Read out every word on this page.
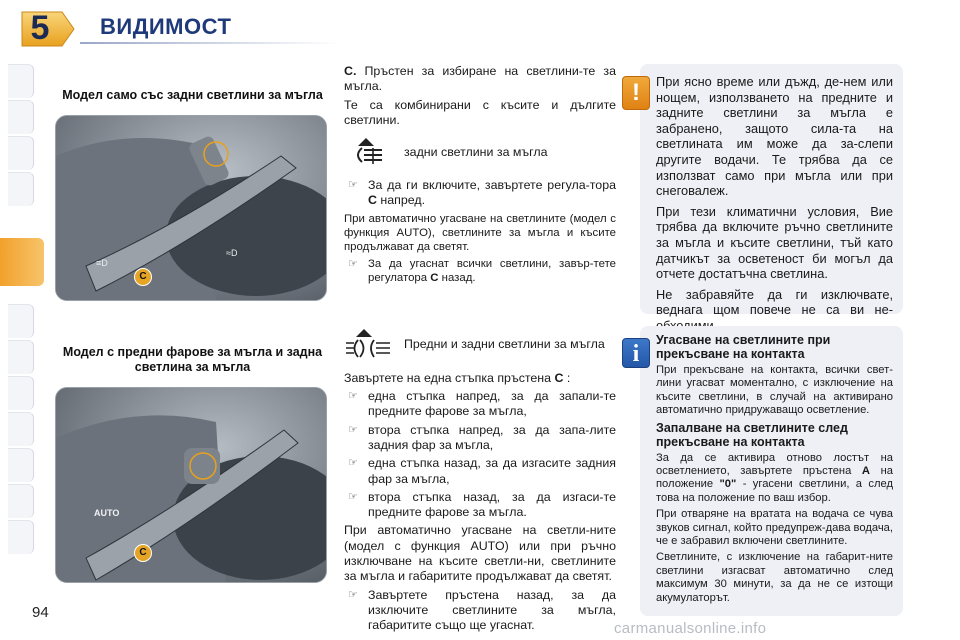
5	ВИДИМОСТ
Модел само със задни светлини за мъгла
≡D
≈D
C
Модел с предни фарове за мъгла и задна светлина за мъгла
AUTO
C

C. Пръстен за избиране на светлини-те за мъгла.

Те са комбинирани с късите и дългите светлини.

задни светлини за мъгла
☞ За да ги включите, завъртете регула-тора C напред.

При автоматично угасване на светлините (модел с функция AUTO), светлините за мъгла и късите продължават да светят.

☞ За да угаснат всички светлини, завър-тете регулатора C назад.
Предни и задни светлини за мъгла

Завъртете на една стъпка пръстена C :

☞ една стъпка напред, за да запали-те предните фарове за мъгла,
☞ втора стъпка напред, за да запа-лите задния фар за мъгла,
☞ една стъпка назад, за да изгасите задния фар за мъгла,
☞ втора стъпка назад, за да изгаси-те предните фарове за мъгла.

При автоматично угасване на светли-ните (модел с функция AUTO) или при ръчно изключване на късите светли-ни, светлините за мъгла и габаритите продължават да светят.

☞ Завъртете пръстена назад, за да изключите светлините за мъгла, габаритите също ще угаснат.

При ясно време или дъжд, де-нем или нощем, използването на предните и задните светлини за мъгла е забранено, защото сила-та на светлината им може да за-слепи другите водачи. Те трябва да се използват само при мъгла или при снеговалеж.

При тези климатични условия, Вие трябва да включите ръчно светлините за мъгла и късите светлини, тъй като датчикът за осветеност би могъл да отчете достатъчна светлина.

Не забравяйте да ги изключвате, веднага щом повече не са ви не-

!
Угасване на светлините при прекъсване на контакта

При прекъсване на контакта, всички свет-лини угасват моментално, с изключение на късите светлини, в случай на активирано автоматично придружаващо осветление.

Запалване на светлините след прекъсване на контакта

За да се активира отново лостът на осветлението, завъртете пръстена A на положение "0" - угасени светлини, а след това на положение по ваш избор.

При отваряне на вратата на водача се чува звуков сигнал, който предупреж-дава водача, че е забравил включени светлините.

Светлините, с изключение на габарит-ните светлини изгасват автоматично след максимум 30 минути, за да не се изтощи акумулаторът.

i
94
carmanualsonline.info
